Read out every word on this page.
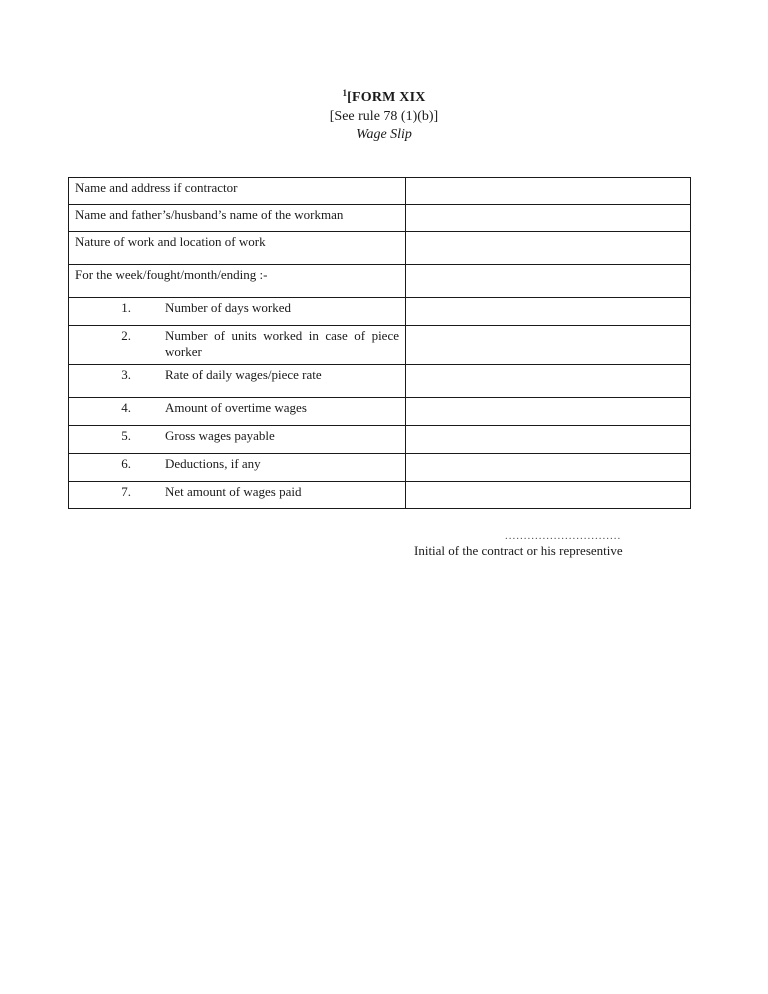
$^1$[FORM XIX
[See rule 78 (1)(b)]
Wage Slip
Name and address if contractor	

Name and father’s/husband’s name of the workman	

Nature of work and location of work	

For the week/fought/month/ending :-	

1. Number of days worked	

2. Number of units worked in case of piece worker	

3. Rate of daily wages/piece rate	

4. Amount of overtime wages	

5. Gross wages payable	

6. Deductions, if any	

7. Net amount of wages paid	

...............................
Initial of the contract or his representive
